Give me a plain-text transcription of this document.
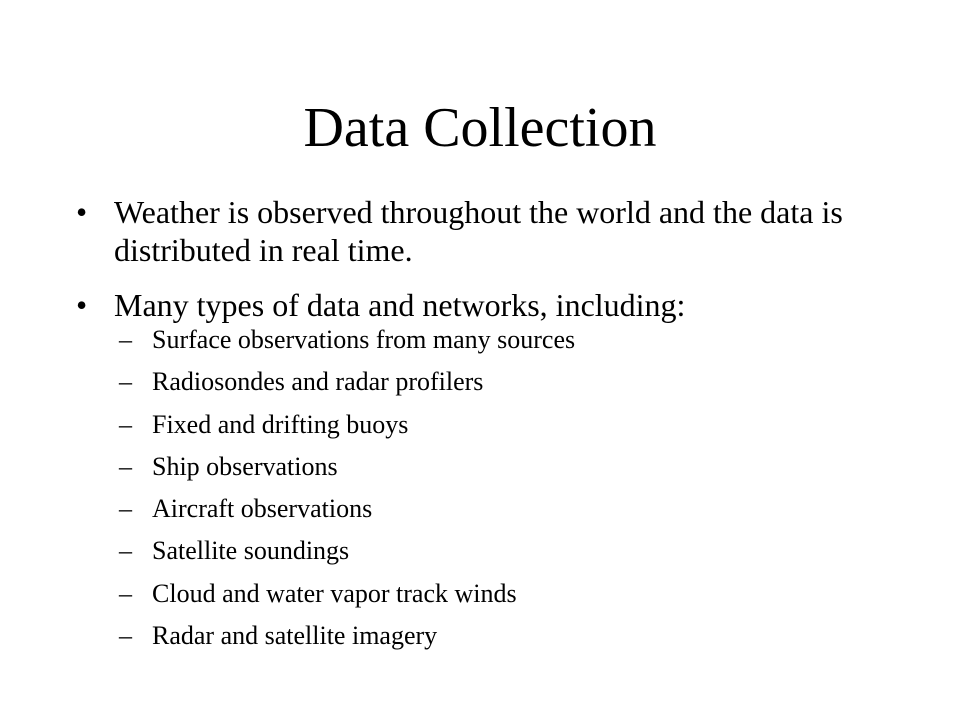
Data Collection
• Weather is observed throughout the world and the data is distributed in real time.
• Many types of data and networks, including:
– Surface observations from many sources
– Radiosondes and radar profilers
– Fixed and drifting buoys
– Ship observations
– Aircraft observations
– Satellite soundings
– Cloud and water vapor track winds
– Radar and satellite imagery
